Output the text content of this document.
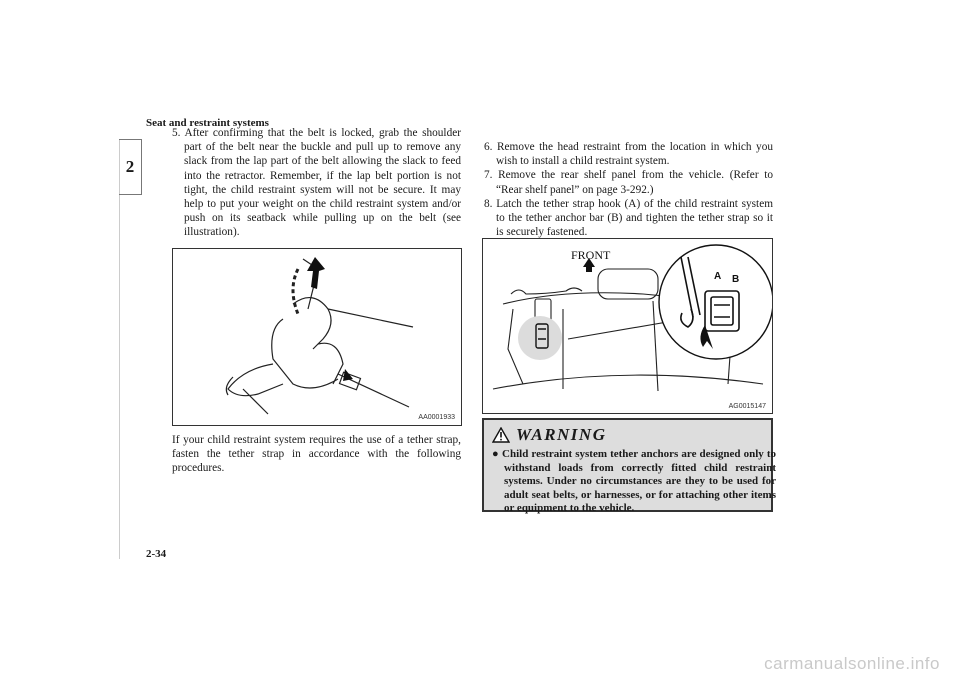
Seat and restraint systems
2

5. After confirming that the belt is locked, grab the shoulder part of the belt near the buckle and pull up to remove any slack from the lap part of the belt allowing the slack to feed into the retractor. Remember, if the lap belt portion is not tight, the child restraint system will not be secure. It may help to put your weight on the child restraint system and/or push on its seatback while pulling up on the belt (see illustration).

AA0001933

If your child restraint system requires the use of a tether strap, fasten the tether strap in accordance with the following procedures.

6. Remove the head restraint from the location in which you wish to install a child restraint system.

7. Remove the rear shelf panel from the vehicle. (Refer to “Rear shelf panel” on page 3-292.)

8. Latch the tether strap hook (A) of the child restraint system to the tether anchor bar (B) and tighten the tether strap so it is securely fastened.

FRONT
A B
AG0015147
WARNING
● Child restraint system tether anchors are designed only to withstand loads from correctly fitted child restraint systems. Under no circumstances are they to be used for adult seat belts, or harnesses, or for attaching other items or equipment to the vehicle.
2-34
carmanualsonline.info
